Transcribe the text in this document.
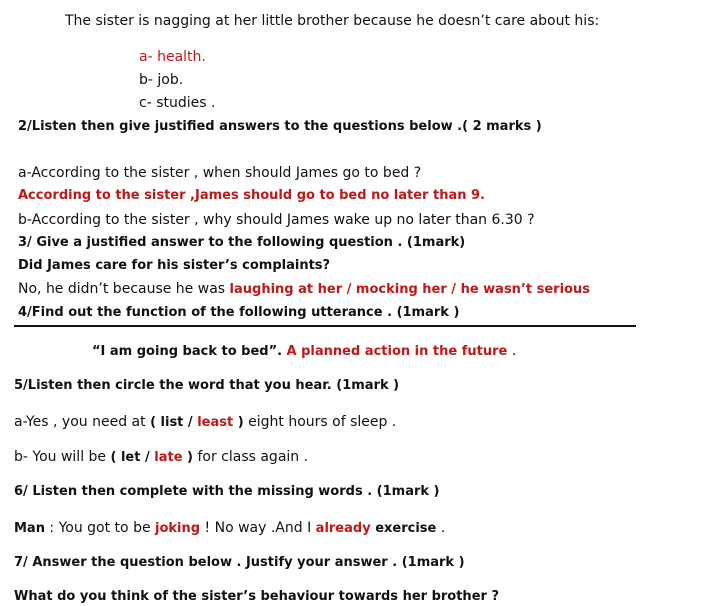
The sister is nagging at her little brother because he doesn’t care about his:
a- health.
b- job.
c- studies .
2/Listen then give justified answers to the questions below .( 2 marks )
a-According to the sister , when should James go to bed ?
According to the sister ,James should go to bed no later than 9.
b-According to the sister , why should James wake up no later than 6.30 ?
3/ Give a justified answer to the following question . (1mark)
Did James care for his sister’s complaints?
No, he didn’t because he was laughing at her / mocking her / he wasn’t serious
4/Find out the function of the following utterance . (1mark )
“I am going back to bed”. A planned action in the future .
5/Listen then circle the word that you hear. (1mark )
a-Yes , you need at ( list / least ) eight hours of sleep .
b- You will be ( let / late ) for class again .
6/ Listen then complete with the missing words . (1mark )
Man : You got to be joking ! No way .And I already exercise .
7/ Answer the question below . Justify your answer . (1mark )
What do you think of the sister’s behaviour towards her brother ?
